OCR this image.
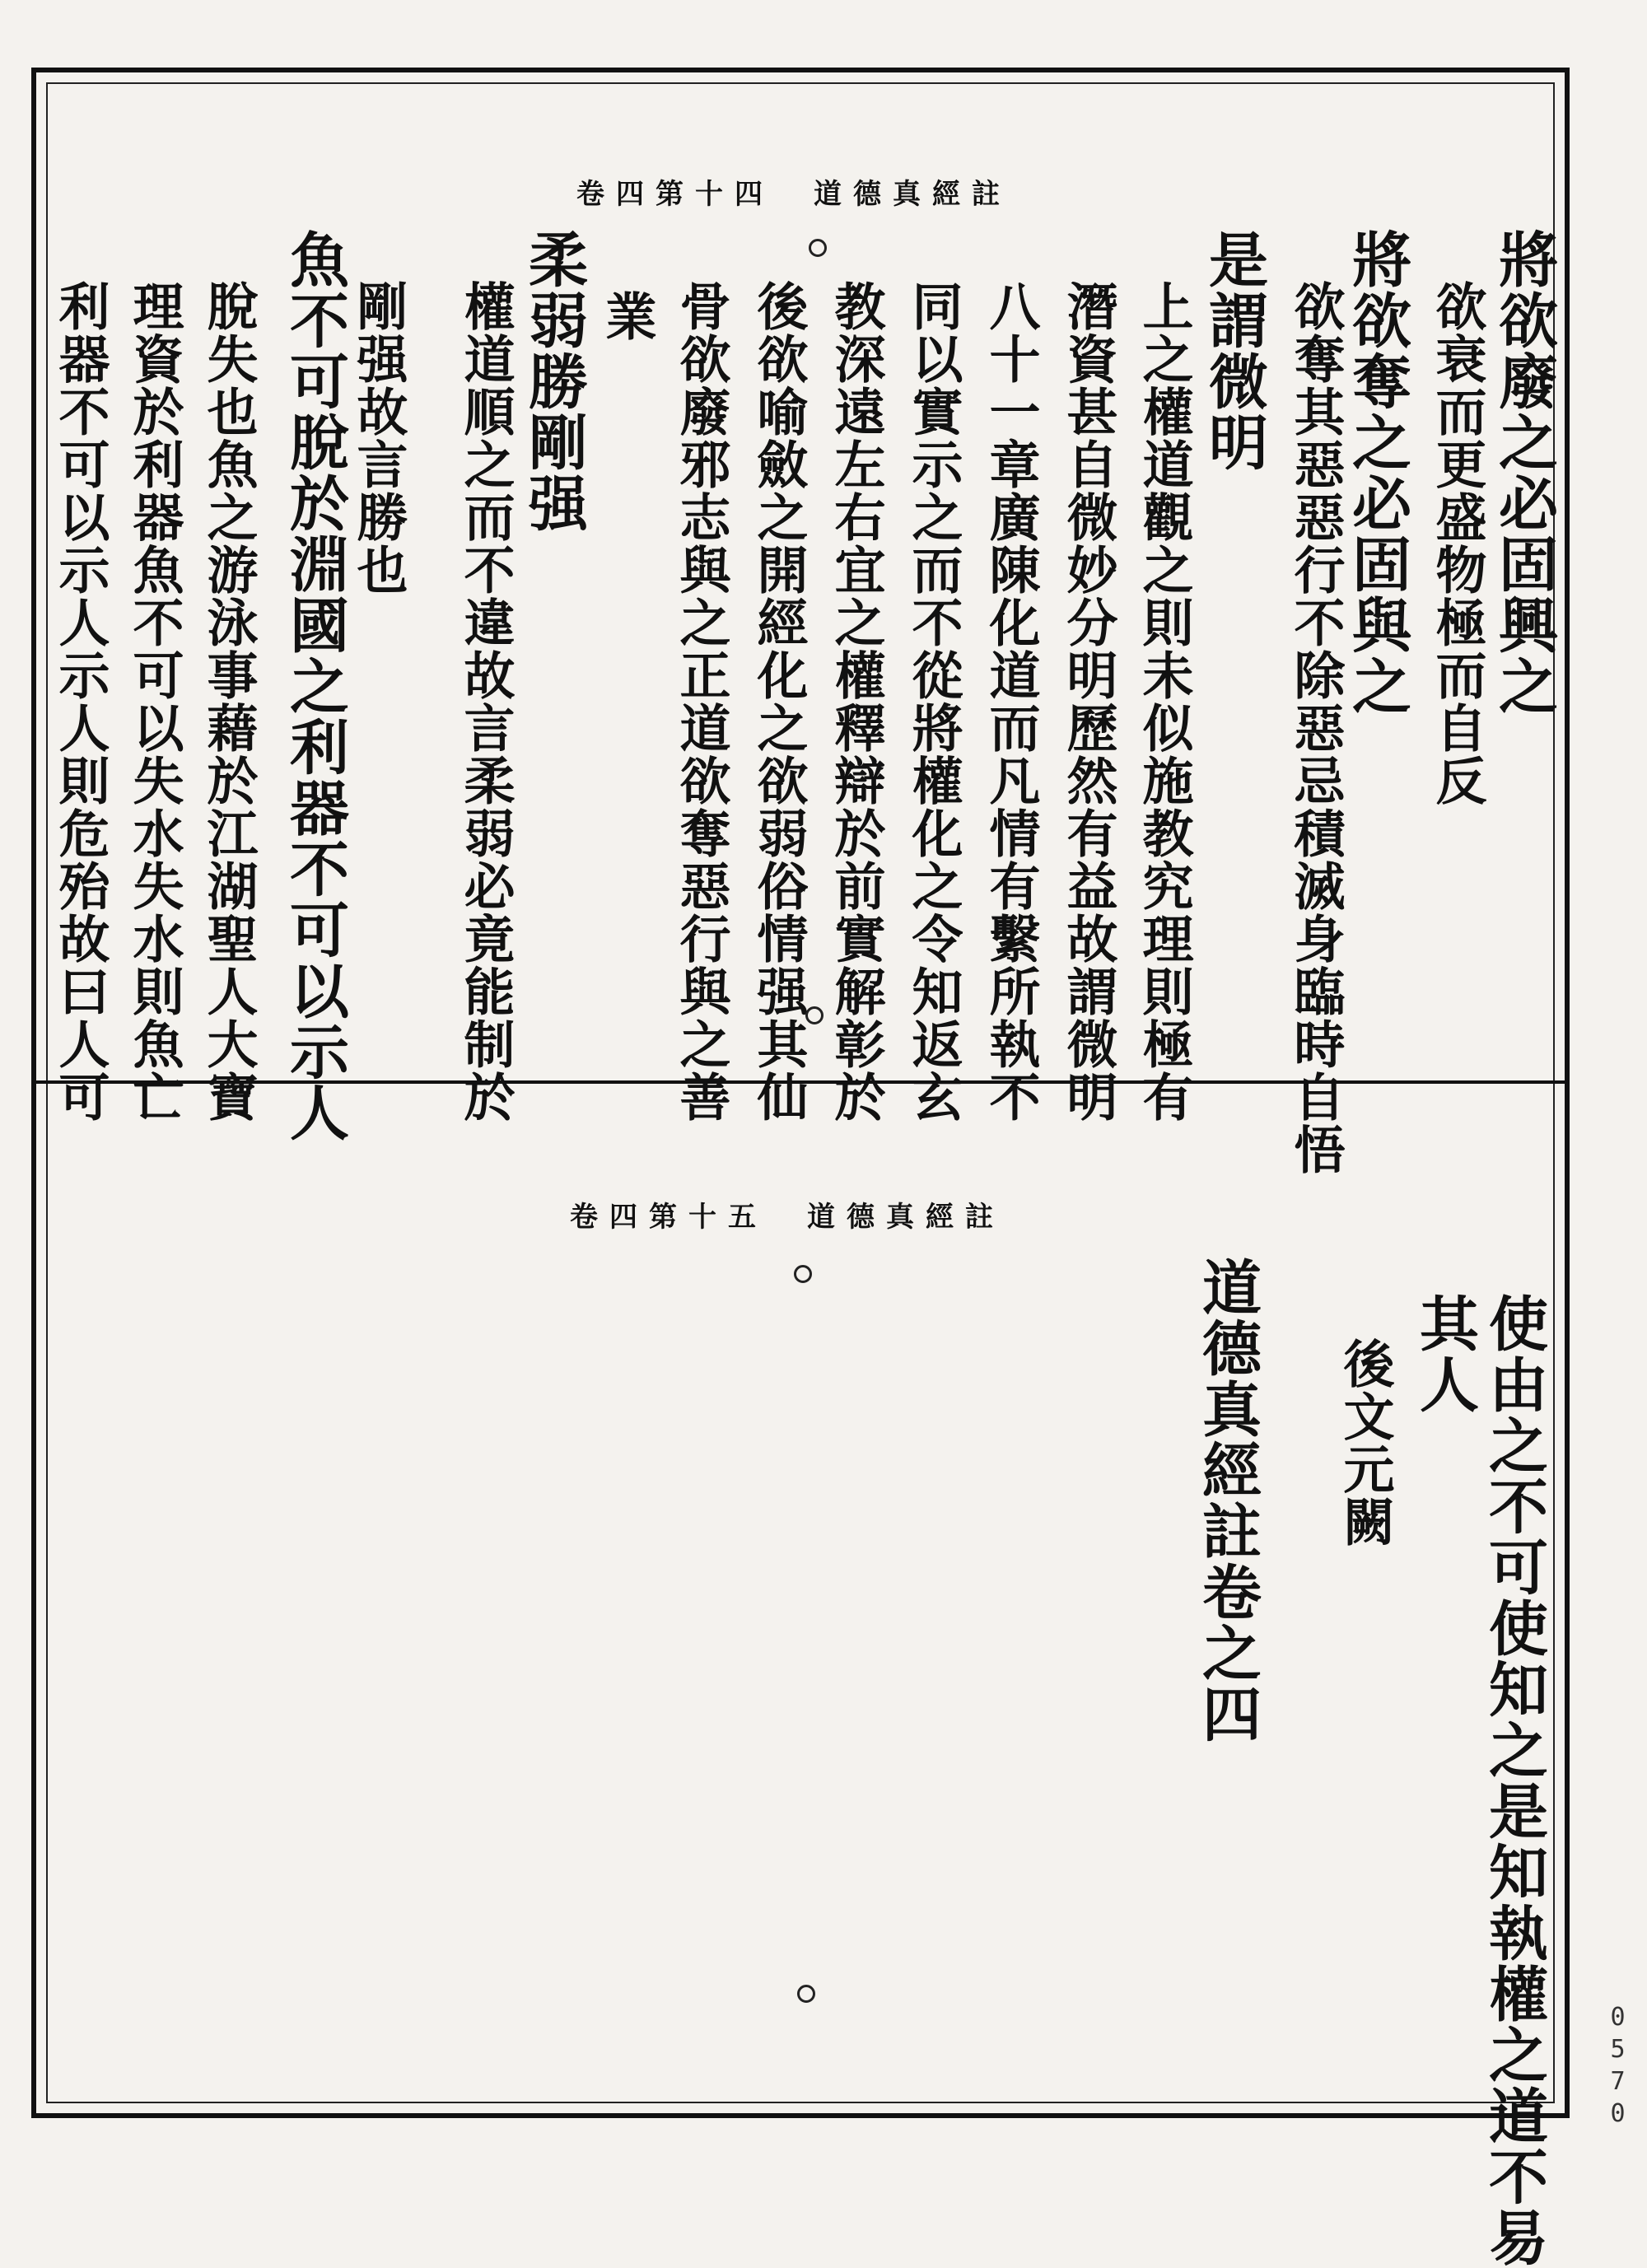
道德真經註卷四第十四
將欲廢之必固興之
欲衰而更盛物極而自反
將欲奪之必固與之
欲奪其惡惡行不除惡忌積滅身臨時自悟
是謂微明
上之權道觀之則未似施教究理則極有
潛資甚自微妙分明歷然有益故謂微明
八十一章廣陳化道而凡情有繫所執不
同以實示之而不從將權化之令知返玄
教深遠左右宜之權釋辯於前實解彰於
後欲喻斂之開經化之欲弱俗情强其仙
骨欲廢邪志與之正道欲奪惡行與之善
業
柔弱勝剛强
權道順之而不違故言柔弱必竟能制於
剛强故言勝也
魚不可脫於淵國之利器不可以示人
脫失也魚之游泳事藉於江湖聖人大寶
理資於利器魚不可以失水失水則魚亡
利器不可以示人示人則危殆故曰人可
道德真經註卷四第十五
使由之不可使知之是知執權之道不易
其人
後文元闕
道德真經註卷之四
0570
